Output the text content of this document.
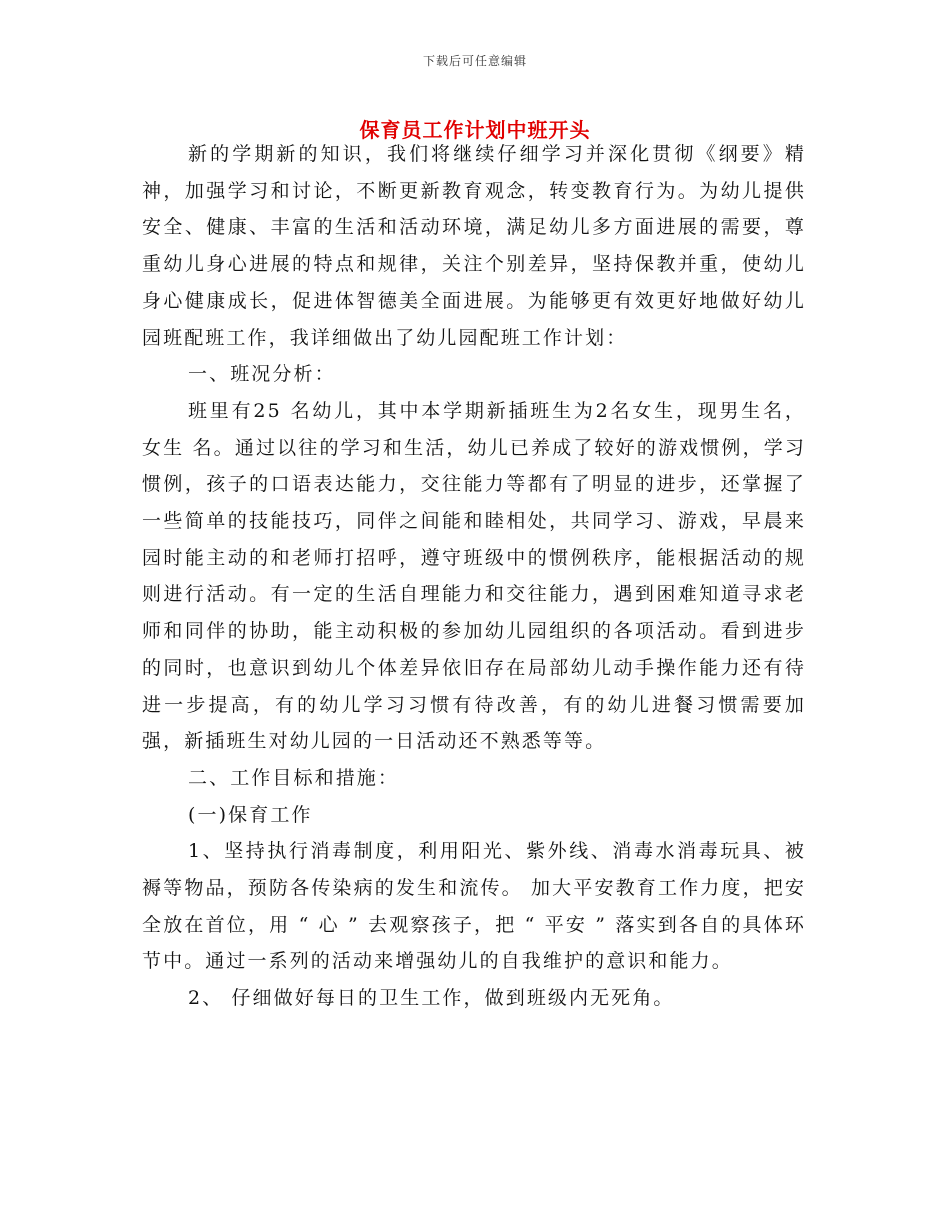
下载后可任意编辑
保育员工作计划中班开头

新的学期新的知识，我们将继续仔细学习并深化贯彻《纲要》精神，加强学习和讨论，不断更新教育观念，转变教育行为。为幼儿提供安全、健康、丰富的生活和活动环境，满足幼儿多方面进展的需要，尊重幼儿身心进展的特点和规律，关注个别差异，坚持保教并重，使幼儿身心健康成长，促进体智德美全面进展。为能够更有效更好地做好幼儿园班配班工作，我详细做出了幼儿园配班工作计划：

一、班况分析：

班里有25 名幼儿，其中本学期新插班生为2名女生，现男生名，女生 名。通过以往的学习和生活，幼儿已养成了较好的游戏惯例，学习惯例，孩子的口语表达能力，交往能力等都有了明显的进步，还掌握了一些简单的技能技巧，同伴之间能和睦相处，共同学习、游戏，早晨来园时能主动的和老师打招呼，遵守班级中的惯例秩序，能根据活动的规则进行活动。有一定的生活自理能力和交往能力，遇到困难知道寻求老师和同伴的协助，能主动积极的参加幼儿园组织的各项活动。看到进步的同时，也意识到幼儿个体差异依旧存在局部幼儿动手操作能力还有待进一步提高，有的幼儿学习习惯有待改善，有的幼儿进餐习惯需要加强，新插班生对幼儿园的一日活动还不熟悉等等。

二、工作目标和措施：

(一)保育工作

1、坚持执行消毒制度，利用阳光、紫外线、消毒水消毒玩具、被褥等物品，预防各传染病的发生和流传。 加大平安教育工作力度，把安全放在首位，用 “ 心 ” 去观察孩子，把 “ 平安 ” 落实到各自的具体环节中。通过一系列的活动来增强幼儿的自我维护的意识和能力。

2、 仔细做好每日的卫生工作，做到班级内无死角。
